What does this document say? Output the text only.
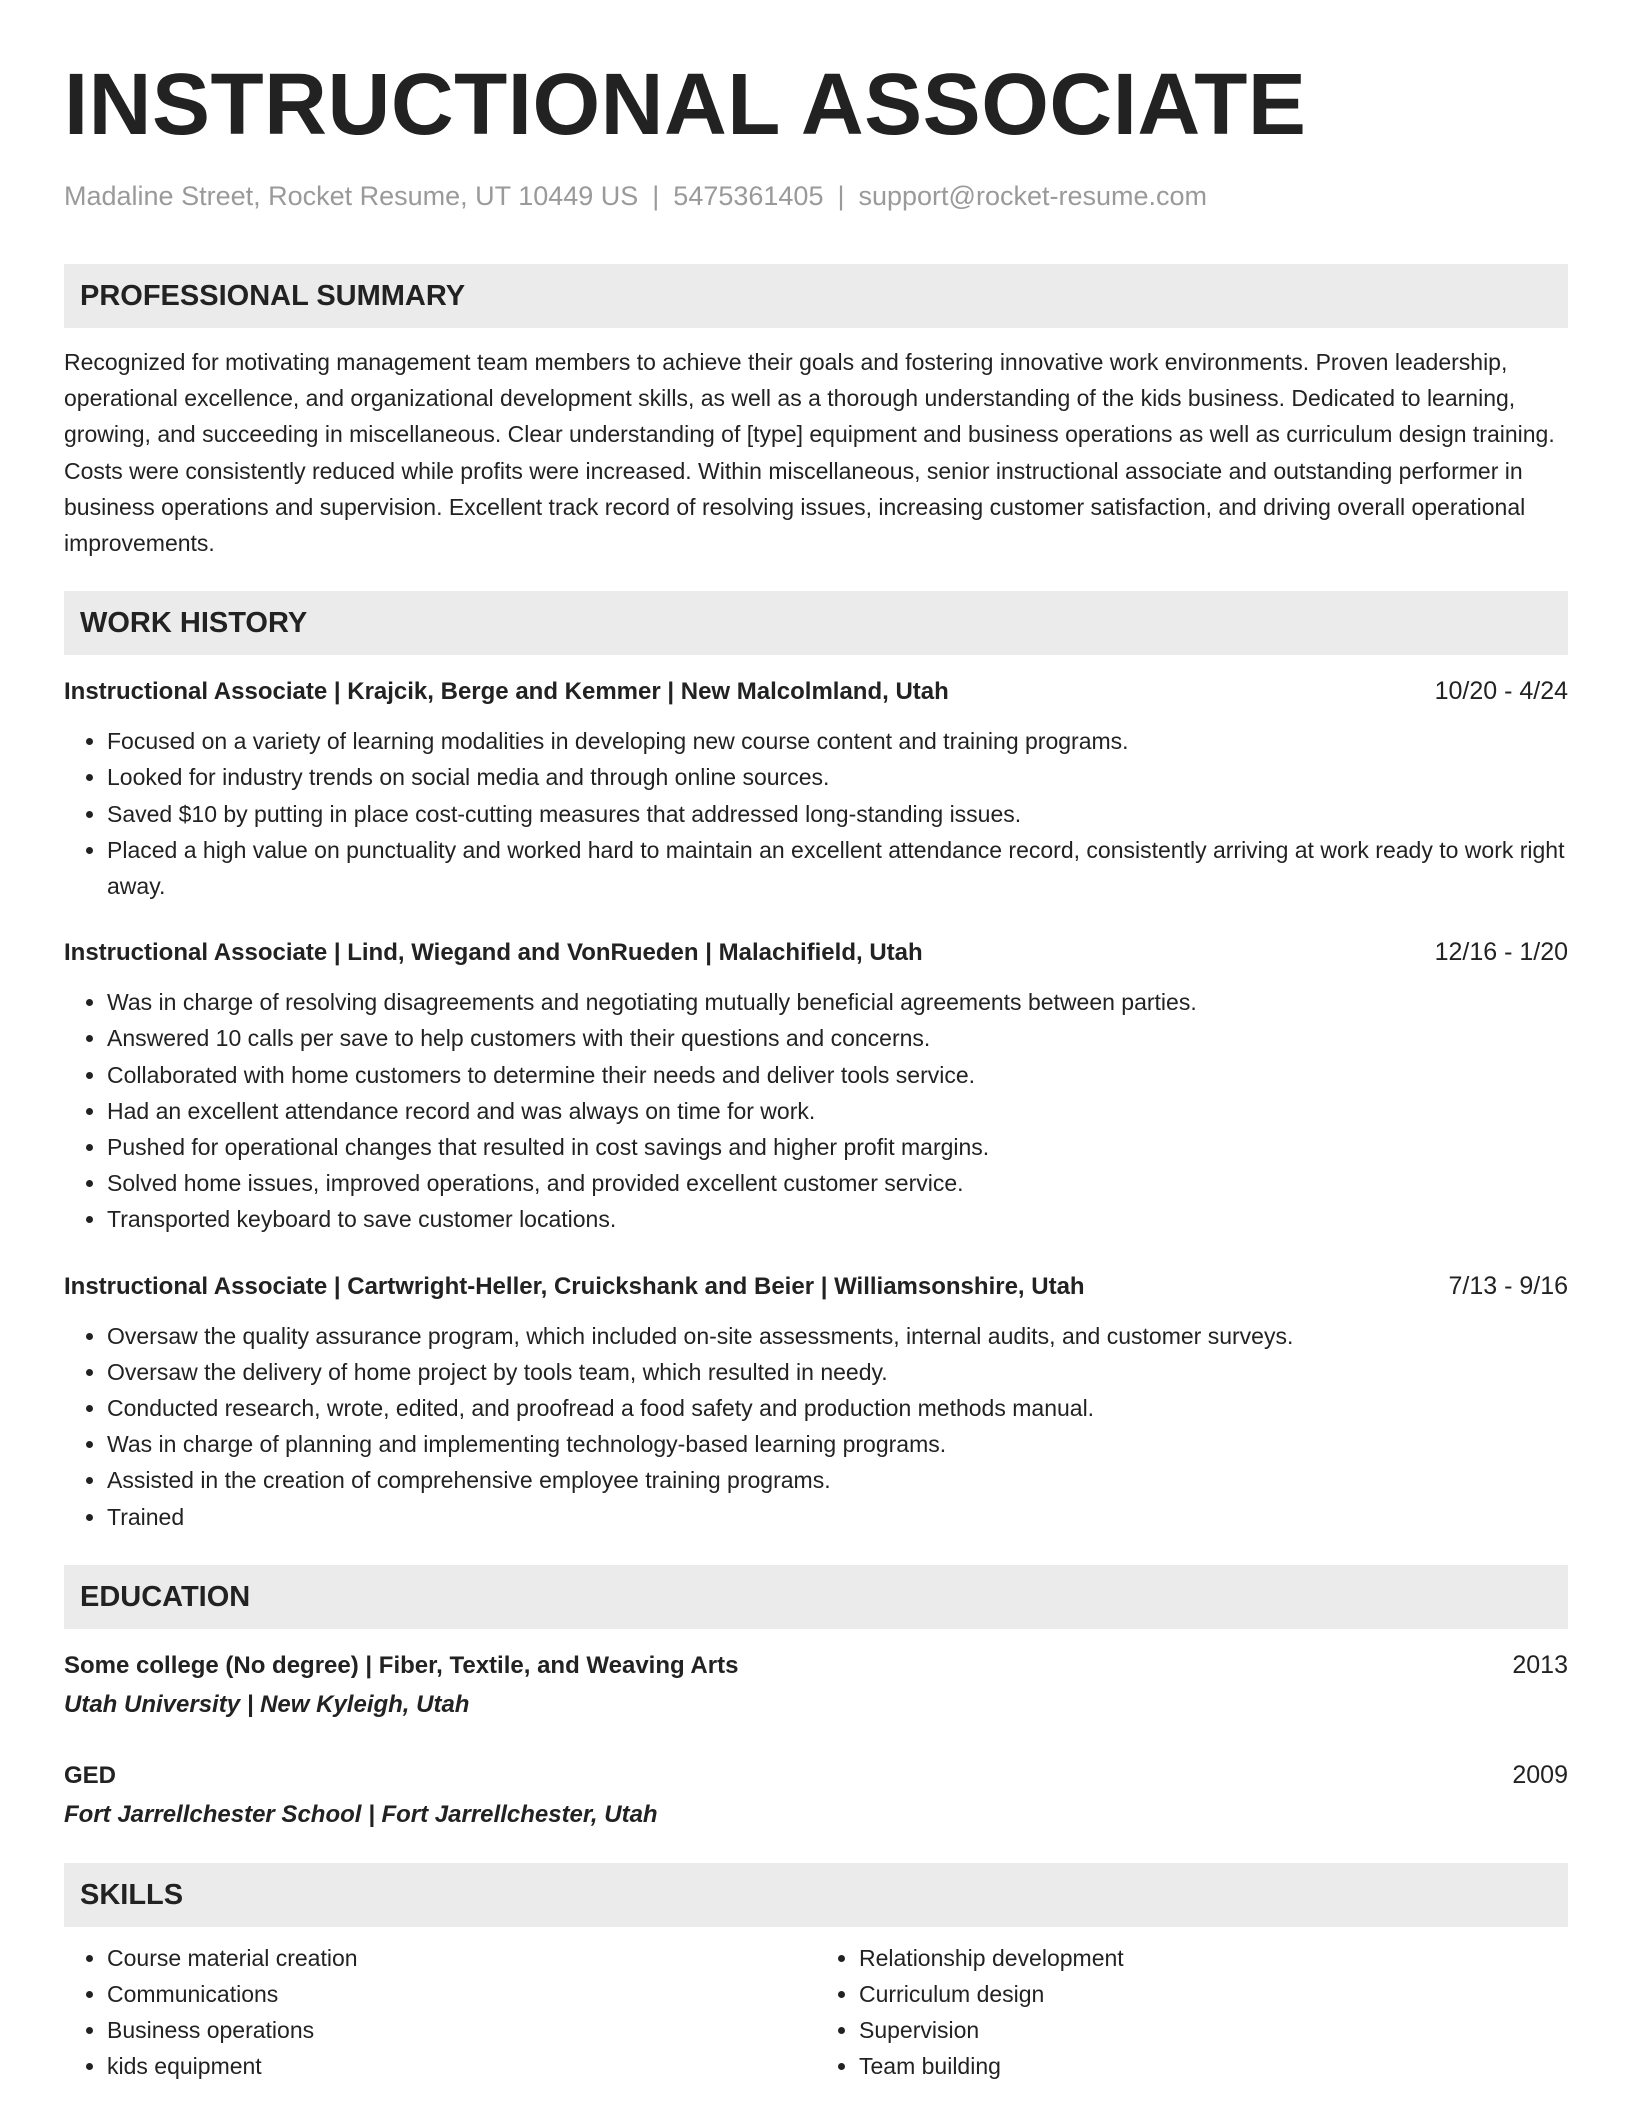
INSTRUCTIONAL ASSOCIATE
Madaline Street, Rocket Resume, UT 10449 US | 5475361405 | support@rocket-resume.com
PROFESSIONAL SUMMARY

Recognized for motivating management team members to achieve their goals and fostering innovative work environments. Proven leadership, operational excellence, and organizational development skills, as well as a thorough understanding of the kids business. Dedicated to learning, growing, and succeeding in miscellaneous. Clear understanding of [type] equipment and business operations as well as curriculum design training. Costs were consistently reduced while profits were increased. Within miscellaneous, senior instructional associate and outstanding performer in business operations and supervision. Excellent track record of resolving issues, increasing customer satisfaction, and driving overall operational improvements.

WORK HISTORY
Instructional Associate | Krajcik, Berge and Kemmer | New Malcolmland, Utah	10/20 - 4/24
• Focused on a variety of learning modalities in developing new course content and training programs.
• Looked for industry trends on social media and through online sources.
• Saved $10 by putting in place cost-cutting measures that addressed long-standing issues.
• Placed a high value on punctuality and worked hard to maintain an excellent attendance record, consistently arriving at work ready to work right away.
Instructional Associate | Lind, Wiegand and VonRueden | Malachifield, Utah	12/16 - 1/20
• Was in charge of resolving disagreements and negotiating mutually beneficial agreements between parties.
• Answered 10 calls per save to help customers with their questions and concerns.
• Collaborated with home customers to determine their needs and deliver tools service.
• Had an excellent attendance record and was always on time for work.
• Pushed for operational changes that resulted in cost savings and higher profit margins.
• Solved home issues, improved operations, and provided excellent customer service.
• Transported keyboard to save customer locations.
Instructional Associate | Cartwright-Heller, Cruickshank and Beier | Williamsonshire, Utah	7/13 - 9/16
• Oversaw the quality assurance program, which included on-site assessments, internal audits, and customer surveys.
• Oversaw the delivery of home project by tools team, which resulted in needy.
• Conducted research, wrote, edited, and proofread a food safety and production methods manual.
• Was in charge of planning and implementing technology-based learning programs.
• Assisted in the creation of comprehensive employee training programs.
• Trained
EDUCATION
Some college (No degree) | Fiber, Textile, and Weaving Arts	2013
Utah University | New Kyleigh, Utah
GED	2009
Fort Jarrellchester School | Fort Jarrellchester, Utah
SKILLS
• Course material creation
• Communications
• Business operations
• kids equipment
• Relationship development
• Curriculum design
• Supervision
• Team building
